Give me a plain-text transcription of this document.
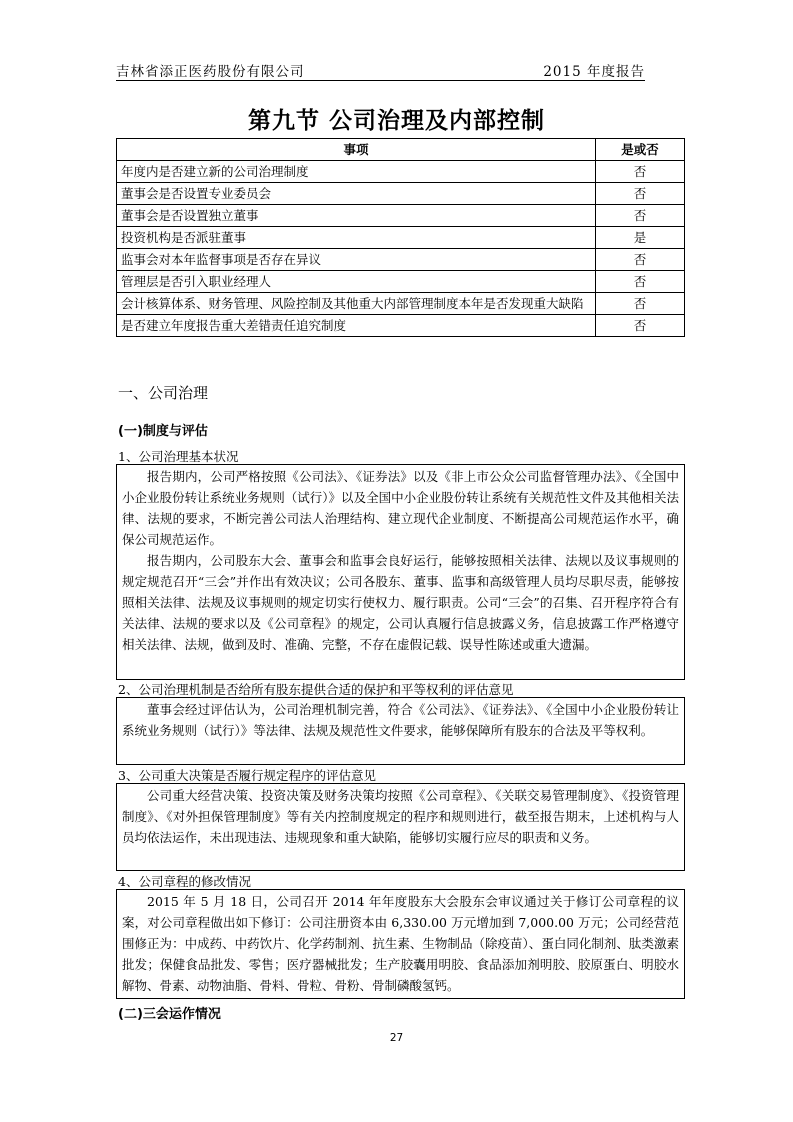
吉林省添正医药股份有限公司	2015 年度报告
第九节 公司治理及内部控制
事项	是或否
年度内是否建立新的公司治理制度	否
董事会是否设置专业委员会	否
董事会是否设置独立董事	否
投资机构是否派驻董事	是
监事会对本年监督事项是否存在异议	否
管理层是否引入职业经理人	否
会计核算体系、财务管理、风险控制及其他重大内部管理制度本年是否发现重大缺陷	否
是否建立年度报告重大差错责任追究制度	否
一、公司治理
(一)制度与评估
1、公司治理基本状况

报告期内，公司严格按照《公司法》、《证券法》以及《非上市公众公司监督管理办法》、《全国中小企业股份转让系统业务规则（试行）》以及全国中小企业股份转让系统有关规范性文件及其他相关法律、法规的要求，不断完善公司法人治理结构、建立现代企业制度、不断提高公司规范运作水平，确保公司规范运作。

报告期内，公司股东大会、董事会和监事会良好运行，能够按照相关法律、法规以及议事规则的规定规范召开“三会”并作出有效决议；公司各股东、董事、监事和高级管理人员均尽职尽责，能够按照相关法律、法规及议事规则的规定切实行使权力、履行职责。公司“三会”的召集、召开程序符合有关法律、法规的要求以及《公司章程》的规定，公司认真履行信息披露义务，信息披露工作严格遵守相关法律、法规，做到及时、准确、完整，不存在虚假记载、误导性陈述或重大遗漏。

2、公司治理机制是否给所有股东提供合适的保护和平等权利的评估意见

董事会经过评估认为，公司治理机制完善，符合《公司法》、《证券法》、《全国中小企业股份转让系统业务规则（试行）》等法律、法规及规范性文件要求，能够保障所有股东的合法及平等权利。

3、公司重大决策是否履行规定程序的评估意见

公司重大经营决策、投资决策及财务决策均按照《公司章程》、《关联交易管理制度》、《投资管理制度》、《对外担保管理制度》等有关内控制度规定的程序和规则进行，截至报告期末，上述机构与人员均依法运作，未出现违法、违规现象和重大缺陷，能够切实履行应尽的职责和义务。

4、公司章程的修改情况

2015 年 5 月 18 日，公司召开 2014 年年度股东大会股东会审议通过关于修订公司章程的议案，对公司章程做出如下修订：公司注册资本由 6,330.00 万元增加到 7,000.00 万元；公司经营范围修正为：中成药、中药饮片、化学药制剂、抗生素、生物制品（除疫苗）、蛋白同化制剂、肽类激素批发；保健食品批发、零售；医疗器械批发；生产胶囊用明胶、食品添加剂明胶、胶原蛋白、明胶水解物、骨素、动物油脂、骨料、骨粒、骨粉、骨制磷酸氢钙。

(二)三会运作情况
27
